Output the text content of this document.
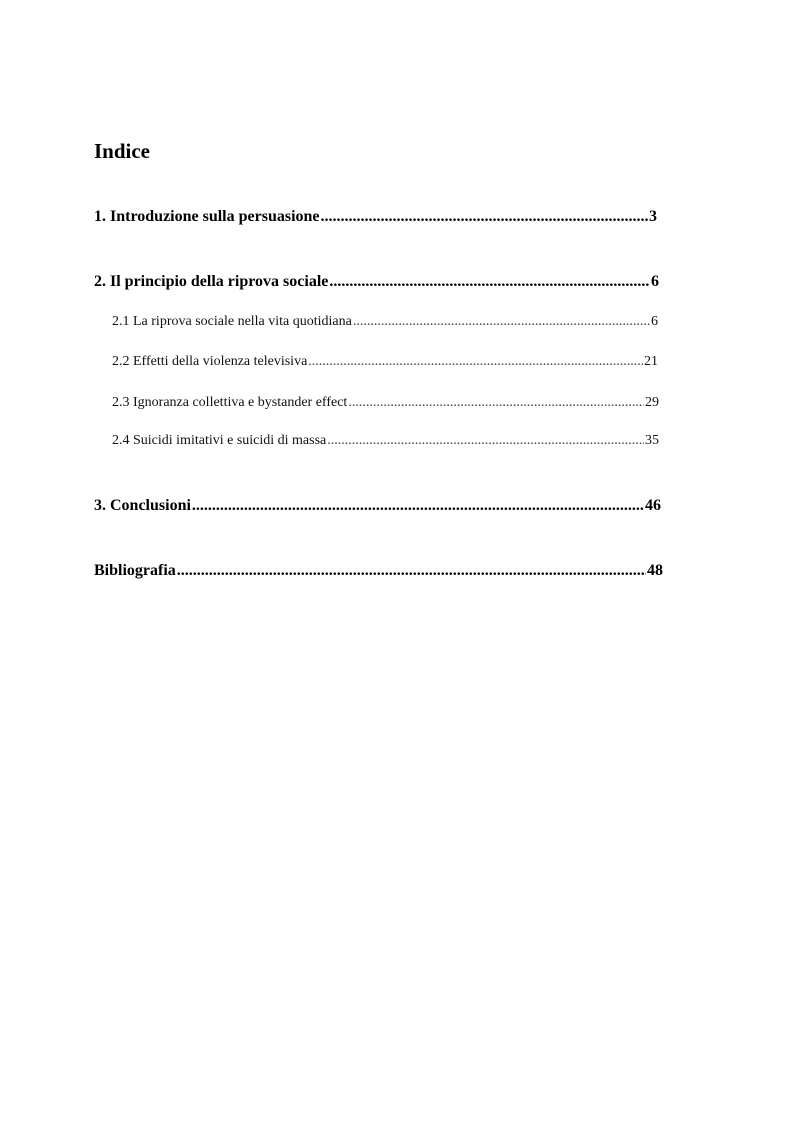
Indice
1. Introduzione sulla persuasione .....	3
2. Il principio della riprova sociale .....	6
2.1 La riprova sociale nella vita quotidiana .....	6
2.2 Effetti della violenza televisiva .....	21
2.3 Ignoranza collettiva e bystander effect .....	29
2.4 Suicidi imitativi e suicidi di massa .....	35
3. Conclusioni .....	46
Bibliografia .....	48
